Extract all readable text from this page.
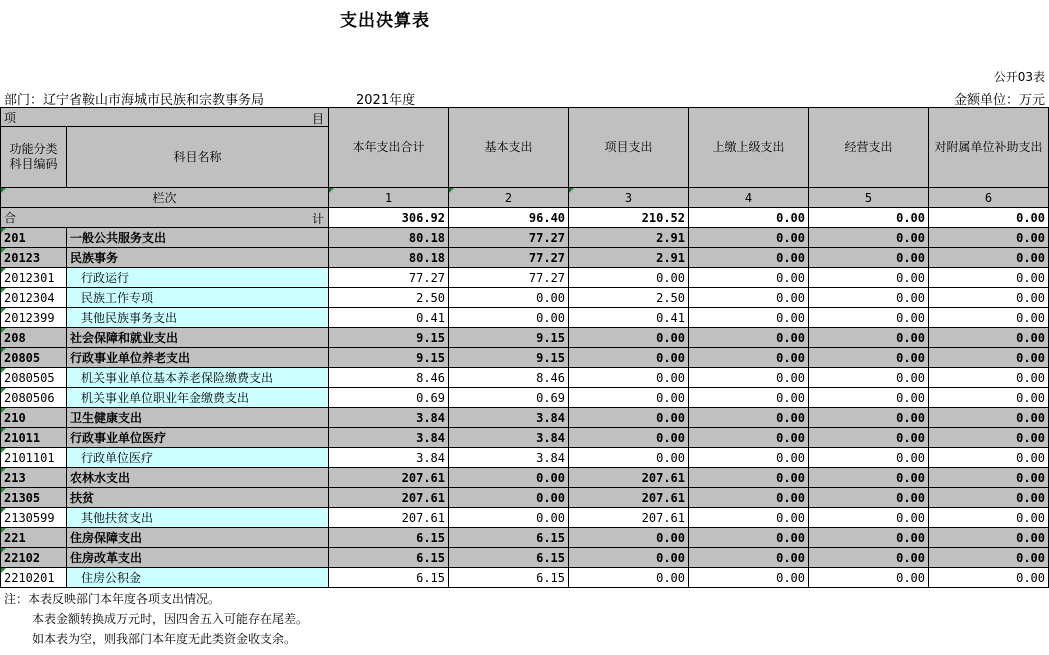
支出决算表
公开03表
部门：辽宁省鞍山市海城市民族和宗教事务局	2021年度	金额单位：万元
项 目		本年支出合计	基本支出	项目支出	上缴上级支出	经营支出	对附属单位补助支出
功能分类科目编码	科目名称						
栏次		1	2	3	4	5	6
合 计		306.92	96.40	210.52	0.00	0.00	0.00
201	一般公共服务支出	80.18	77.27	2.91	0.00	0.00	0.00
20123	民族事务	80.18	77.27	2.91	0.00	0.00	0.00
2012301	行政运行	77.27	77.27	0.00	0.00	0.00	0.00
2012304	民族工作专项	2.50	0.00	2.50	0.00	0.00	0.00
2012399	其他民族事务支出	0.41	0.00	0.41	0.00	0.00	0.00
208	社会保障和就业支出	9.15	9.15	0.00	0.00	0.00	0.00
20805	行政事业单位养老支出	9.15	9.15	0.00	0.00	0.00	0.00
2080505	机关事业单位基本养老保险缴费支出	8.46	8.46	0.00	0.00	0.00	0.00
2080506	机关事业单位职业年金缴费支出	0.69	0.69	0.00	0.00	0.00	0.00
210	卫生健康支出	3.84	3.84	0.00	0.00	0.00	0.00
21011	行政事业单位医疗	3.84	3.84	0.00	0.00	0.00	0.00
2101101	行政单位医疗	3.84	3.84	0.00	0.00	0.00	0.00
213	农林水支出	207.61	0.00	207.61	0.00	0.00	0.00
21305	扶贫	207.61	0.00	207.61	0.00	0.00	0.00
2130599	其他扶贫支出	207.61	0.00	207.61	0.00	0.00	0.00
221	住房保障支出	6.15	6.15	0.00	0.00	0.00	0.00
22102	住房改革支出	6.15	6.15	0.00	0.00	0.00	0.00
2210201	住房公积金	6.15	6.15	0.00	0.00	0.00	0.00
注：本表反映部门本年度各项支出情况。
本表金额转换成万元时，因四舍五入可能存在尾差。
如本表为空，则我部门本年度无此类资金收支余。
